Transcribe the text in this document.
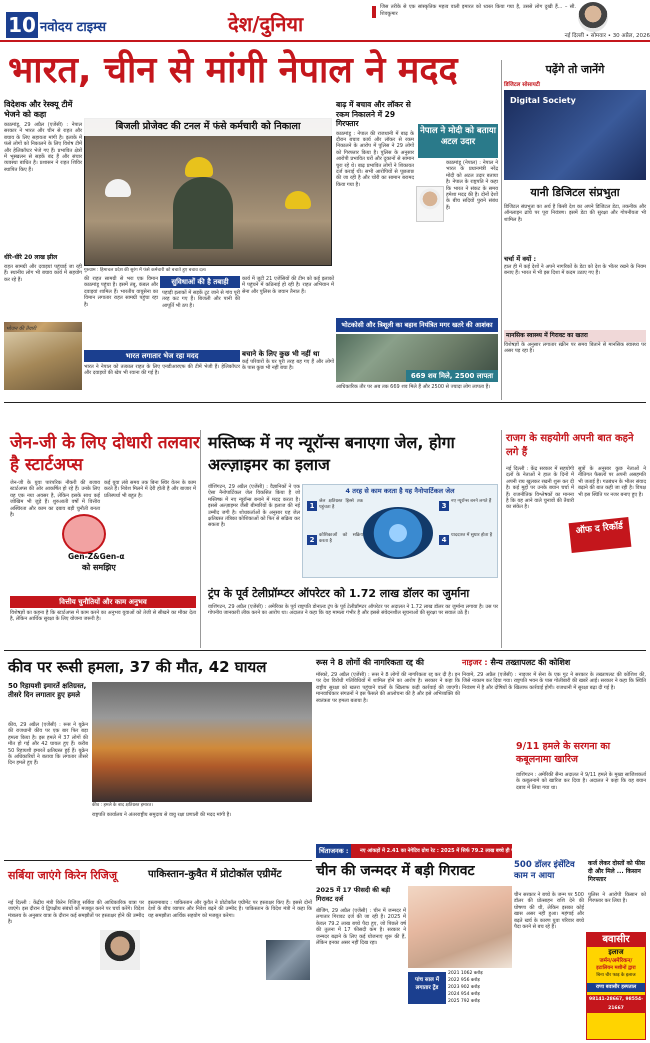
10 नवोदय टाइम्स	देश/दुनिया
जिस तरीके से एक सांस्कृतिक महत्व वाली इमारत को ध्वस्त किया गया है, उससे लोग दुखी हैं... – सी. शिवकुमार
नई दिल्ली • सोमवार • 30 अप्रैल, 2026
भारत, चीन से मांगी नेपाल ने मदद
विदेशक और रेस्क्यू टीमें भेजने को कहा
काठमांडू, 29 अप्रैल (एजेंसी) : नेपाल सरकार ने भारत और चीन से राहत और बचाव के लिए सहायता मांगी है। इलाके में फंसे लोगों को निकालने के लिए विशेष टीमें और हेलिकॉप्टर भेजे गए हैं। प्रभावित क्षेत्रों में भूस्खलन से सड़कें बंद हैं और संचार व्यवस्था बाधित है। प्रशासन ने राहत शिविर स्थापित किए हैं।
धीरे-धीरे 20 लाख झील
राहत सामग्री और दवाइयां पहुंचाई जा रही हैं। स्थानीय लोग भी बचाव कार्य में सहयोग कर रहे हैं।
भोजन की तैयारी
बिजली प्रोजेक्ट की टनल में फंसे कर्मचारी को निकाला
गुरुग्राम : हिमाचल प्रदेश की सुरंग में फंसे कर्मचारी को बचाते हुए बचाव दल।
की राहत सामग्री से भरा एक विमान काठमांडू पहुंचा है। इसमें तंबू, कंबल और दवाइयां शामिल हैं। भारतीय वायुसेना का विमान लगातार राहत सामग्री पहुंचा रहा है।
सुविधाओं की है तबाही
पहाड़ी इलाकों में सड़कें टूट जाने से गांव पूरी तरह कट गए हैं। बिजली और पानी की आपूर्ति भी ठप है।
कार्य में जुटी 21 एजेंसियों की टीम को कई इलाकों में पहुंचने में कठिनाई हो रही है। राहत अभियान में सेना और पुलिस के जवान तैनात हैं।
भारत लगातार भेज रहा मदद
भारत ने नेपाल को तत्काल राहत के लिए एनडीआरएफ की टीमें भेजी हैं। हेलिकॉप्टर और दवाइयों की खेप भी रवाना की गई है।
बचाने के लिए कुछ भी नहीं था
कई परिवारों के घर पूरी तरह बह गए हैं और लोगों के पास कुछ भी नहीं बचा है।
बाढ़ में बचाव और लॉकर से रकम निकालने में 29 गिरफ्तार
काठमांडू : नेपाल की राजधानी में बाढ़ के दौरान बचाव कार्य और लॉकर से रकम निकालने के आरोप में पुलिस ने 29 लोगों को गिरफ्तार किया है। पुलिस के अनुसार आरोपी प्रभावित घरों और दुकानों से सामान चुरा रहे थे। बाढ़ प्रभावित लोगों ने शिकायत दर्ज कराई थी। सभी आरोपियों से पूछताछ की जा रही है और चोरी का सामान बरामद किया गया है।
नेपाल ने मोदी को बताया अटल उदार
काठमांडू (नेपाल) : नेपाल ने भारत के प्रधानमंत्री नरेंद्र मोदी को अटल उदार बताया है। नेपाल के राष्ट्रपति ने कहा कि भारत ने संकट के समय हमेशा मदद की है। दोनों देशों के बीच सदियों पुराने संबंध हैं।
भोटकोसी और त्रिशूली का बहाव नियंत्रित मगर खतरे की आशंका
669 शव मिले, 2500 लापता
आधिकारिक तौर पर अब तक 669 शव मिले हैं और 2500 से ज्यादा लोग लापता हैं।
पढ़ेंगे तो जानेंगे
डिजिटल सोसायटी
Digital Society
यानी डिजिटल संप्रभुता
डिजिटल संप्रभुता का अर्थ है किसी देश का अपने डिजिटल डेटा, तकनीक और ऑनलाइन ढांचे पर पूरा नियंत्रण। इसमें डेटा की सुरक्षा और गोपनीयता भी शामिल है।
चर्चा में क्यों :
हाल ही में कई देशों ने अपने नागरिकों के डेटा को देश के भीतर रखने के नियम बनाए हैं। भारत में भी इस दिशा में कदम उठाए गए हैं।
मानसिक स्वास्थ्य में गिरावट का खतरा
विशेषज्ञों के अनुसार लगातार स्क्रीन पर समय बिताने से मानसिक स्वास्थ्य पर असर पड़ रहा है।
जेन-जी के लिए दोधारी तलवार है स्टार्टअप्स
जेन-जी के युवा पारंपरिक नौकरी की बजाय स्टार्टअप्स की ओर आकर्षित हो रहे हैं। उनके लिए यह एक नया अवसर है, लेकिन इसके साथ कई जोखिम भी जुड़े हैं। शुरुआती वर्षों में वित्तीय अस्थिरता और काम का दबाव बड़ी चुनौती बनता है।
Gen-Z&Gen-α
को समझिए
कई युवा लंबे समय तक बिना स्थिर वेतन के काम करते हैं। निवेश मिलने में देरी होती है और बाजार में प्रतिस्पर्धा भी बहुत है।
वित्तीय चुनौतियों और काम अनुभव
विशेषज्ञों का कहना है कि स्टार्टअप्स में काम करने का अनुभव युवाओं को तेजी से सीखने का मौका देता है, लेकिन आर्थिक सुरक्षा के लिए योजना जरूरी है।
मस्तिष्क में नए न्यूरॉन्स बनाएगा जेल, होगा अल्ज़ाइमर का इलाज
वॉशिंगटन, 29 अप्रैल (एजेंसी) : वैज्ञानिकों ने एक ऐसा नैनोपार्टिकल जेल विकसित किया है जो मस्तिष्क में नए न्यूरॉन्स बनाने में मदद करता है। इससे अल्ज़ाइमर जैसी बीमारियों के इलाज की नई उम्मीद जगी है। शोधकर्ताओं के अनुसार यह जेल क्षतिग्रस्त तंत्रिका कोशिकाओं को फिर से सक्रिय कर सकता है।
4 तरह से काम करता है यह नैनोपार्टिकल जेल
1
2
3
4
जेल क्षतिग्रस्त हिस्से तक पहुंचता है
कोशिकाओं को सक्रिय करता है
नए न्यूरॉन्स बनने लगते हैं
याददाश्त में सुधार होता है
ट्रंप के पूर्व टेलीप्रॉम्प्टर ऑपरेटर को 1.72 लाख डॉलर का जुर्माना
वाशिंगटन, 29 अप्रैल (एजेंसी) : अमेरिका के पूर्व राष्ट्रपति डोनाल्ड ट्रंप के पूर्व टेलीप्रॉम्प्टर ऑपरेटर पर अदालत ने 1.72 लाख डॉलर का जुर्माना लगाया है। उस पर गोपनीय जानकारी लीक करने का आरोप था। अदालत ने कहा कि यह मामला गंभीर है और इससे संवेदनशील सूचनाओं की सुरक्षा पर सवाल उठे हैं।
राजग के सहयोगी अपनी बात कहने लगे हैं
नई दिल्ली : केंद्र सरकार में सहयोगी दलों के नेताओं ने हाल के दिनों में अपनी राय खुलकर रखनी शुरू कर दी है। कई मुद्दों पर उनके बयान चर्चा में हैं। राजनीतिक विश्लेषकों का मानना है कि यह आने वाले चुनावों की तैयारी का संकेत है।
ऑफ द रिकॉर्ड
सूत्रों के अनुसार कुछ नेताओं ने नीतिगत फैसलों पर अपनी असहमति भी जताई है। गठबंधन के भीतर संवाद बढ़ाने की बात कही जा रही है। विपक्ष भी इस स्थिति पर नजर बनाए हुए है।
कीव पर रूसी हमला, 37 की मौत, 42 घायल
50 रिहायशी इमारतें क्षतिग्रस्त, तीसरे दिन लगातार हुए हमले
कीव, 29 अप्रैल (एजेंसी) : रूस ने यूक्रेन की राजधानी कीव पर एक बार फिर बड़ा हमला किया है। इस हमले में 37 लोगों की मौत हो गई और 42 घायल हुए हैं। करीब 50 रिहायशी इमारतें क्षतिग्रस्त हुई हैं। यूक्रेन के अधिकारियों ने बताया कि लगातार तीसरे दिन हमले हुए हैं।
कीव : हमले के बाद क्षतिग्रस्त इमारत।
राष्ट्रपति कार्यालय ने अंतरराष्ट्रीय समुदाय से वायु रक्षा प्रणाली की मदद मांगी है।
रूस ने 8 लोगों की नागरिकता रद्द की
मॉस्को, 29 अप्रैल (एजेंसी) : रूस ने 8 लोगों की नागरिकता रद्द कर दी है। इन पर देश विरोधी गतिविधियों में शामिल होने का आरोप है। सरकार ने कहा कि राष्ट्रीय सुरक्षा को खतरा पहुंचाने वालों के खिलाफ कड़ी कार्रवाई की जाएगी। मानवाधिकार संगठनों ने इस फैसले की आलोचना की है और इसे अभिव्यक्ति की स्वतंत्रता पर हमला बताया है।
नाइजर : सैन्य तख्तापलट की कोशिश
नियामे, 29 अप्रैल (एजेंसी) : नाइजर में सेना के एक गुट ने सरकार के तख्तापलट की कोशिश की, जिसे नाकाम कर दिया गया। राष्ट्रपति भवन के पास गोलीबारी की खबरें आईं। सरकार ने कहा कि स्थिति नियंत्रण में है और दोषियों के खिलाफ कार्रवाई होगी। राजधानी में सुरक्षा बढ़ा दी गई है।
9/11 हमले के सरगना का कबूलनामा खारिज
वाशिंगटन : अमेरिकी सैन्य अदालत ने 9/11 हमले के मुख्य साजिशकर्ता के कबूलनामे को खारिज कर दिया है। अदालत ने कहा कि यह बयान दबाव में लिया गया था।
चिंताजनक :	नए आंकड़ों में 2.41 का नेगेटिव ग्रोथ रेट : 2025 में सिर्फ 79.2 लाख बच्चे ही पैदा हुए
चीन की जन्मदर में बड़ी गिरावट
2025 में 17 फीसदी की बड़ी गिरावट दर्ज
बीजिंग, 29 अप्रैल (एजेंसी) : चीन में जन्मदर में लगातार गिरावट दर्ज की जा रही है। 2025 में केवल 79.2 लाख बच्चे पैदा हुए, जो पिछले वर्ष की तुलना में 17 फीसदी कम है। सरकार ने जन्मदर बढ़ाने के लिए कई योजनाएं शुरू की हैं, लेकिन इनका असर नहीं दिख रहा।
पांच साल में लगातार ट्रेंड
2021 1062 करोड़
2022 956 करोड़
2023 902 करोड़
2024 954 करोड़
2025 792 करोड़
500 डॉलर इंसेंटिव काम न आया
चीन सरकार ने बच्चे के जन्म पर 500 डॉलर की प्रोत्साहन राशि देने की घोषणा की थी, लेकिन इसका कोई खास असर नहीं हुआ। महंगाई और बढ़ते खर्च के कारण युवा परिवार बच्चे पैदा करने से बच रहे हैं।
सर्बिया जाएंगे किरेन रिजिजू
नई दिल्ली : केंद्रीय मंत्री किरेन रिजिजू सर्बिया की आधिकारिक यात्रा पर जाएंगे। इस दौरान वे द्विपक्षीय संबंधों को मजबूत करने पर चर्चा करेंगे। विदेश मंत्रालय के अनुसार यात्रा के दौरान कई समझौतों पर हस्ताक्षर होने की उम्मीद है।
पाकिस्तान-कुवैत में प्रोटोकॉल एग्रीमेंट
इस्लामाबाद : पाकिस्तान और कुवैत ने प्रोटोकॉल एग्रीमेंट पर हस्ताक्षर किए हैं। इससे दोनों देशों के बीच व्यापार और निवेश बढ़ने की उम्मीद है। पाकिस्तान के विदेश मंत्री ने कहा कि यह समझौता आर्थिक सहयोग को मजबूत करेगा।
कर्ज लेकर दोस्तों को फीस दी और मिले ... किसान गिरफ्तार
पुलिस ने आरोपी किसान को गिरफ्तार कर लिया है।
बवासीर
इलाज
जर्मन/अमेरिकन/
इटालियन मशीनों द्वारा
बिना चीर फाड़ के इलाज
राणा बवासीर हस्पताल
98141-28667, 98554-21667
